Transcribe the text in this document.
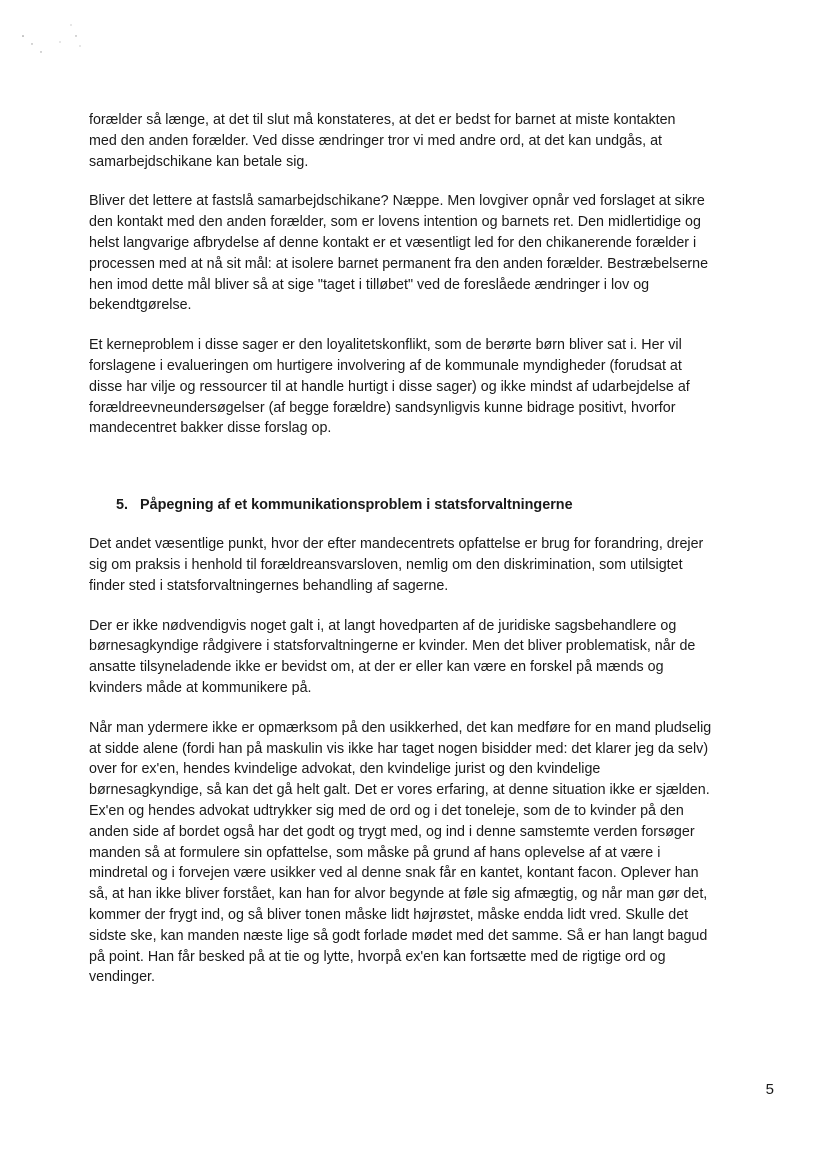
forælder så længe, at det til slut må konstateres, at det er bedst for barnet at miste kontakten
med den anden forælder. Ved disse ændringer tror vi med andre ord, at det kan undgås, at
samarbejdschikane kan betale sig.

Bliver det lettere at fastslå samarbejdschikane? Næppe. Men lovgiver opnår ved forslaget at sikre
den kontakt med den anden forælder, som er lovens intention og barnets ret. Den midlertidige og
helst langvarige afbrydelse af denne kontakt er et væsentligt led for den chikanerende forælder i
processen med at nå sit mål: at isolere barnet permanent fra den anden forælder. Bestræbelserne
hen imod dette mål bliver så at sige "taget i tilløbet" ved de foreslåede ændringer i lov og
bekendtgørelse.

Et kerneproblem i disse sager er den loyalitetskonflikt, som de berørte børn bliver sat i. Her vil
forslagene i evalueringen om hurtigere involvering af de kommunale myndigheder (forudsat at
disse har vilje og ressourcer til at handle hurtigt i disse sager) og ikke mindst af udarbejdelse af
forældreevneundersøgelser (af begge forældre) sandsynligvis kunne bidrage positivt, hvorfor
mandecentret bakker disse forslag op.

5. Påpegning af et kommunikationsproblem i statsforvaltningerne

Det andet væsentlige punkt, hvor der efter mandecentrets opfattelse er brug for forandring, drejer
sig om praksis i henhold til forældreansvarsloven, nemlig om den diskrimination, som utilsigtet
finder sted i statsforvaltningernes behandling af sagerne.

Der er ikke nødvendigvis noget galt i, at langt hovedparten af de juridiske sagsbehandlere og
børnesagkyndige rådgivere i statsforvaltningerne er kvinder. Men det bliver problematisk, når de
ansatte tilsyneladende ikke er bevidst om, at der er eller kan være en forskel på mænds og
kvinders måde at kommunikere på.

Når man ydermere ikke er opmærksom på den usikkerhed, det kan medføre for en mand pludselig
at sidde alene (fordi han på maskulin vis ikke har taget nogen bisidder med: det klarer jeg da selv)
over for ex'en, hendes kvindelige advokat, den kvindelige jurist og den kvindelige
børnesagkyndige, så kan det gå helt galt. Det er vores erfaring, at denne situation ikke er sjælden.
Ex'en og hendes advokat udtrykker sig med de ord og i det toneleje, som de to kvinder på den
anden side af bordet også har det godt og trygt med, og ind i denne samstemte verden forsøger
manden så at formulere sin opfattelse, som måske på grund af hans oplevelse af at være i
mindretal og i forvejen være usikker ved al denne snak får en kantet, kontant facon. Oplever han
så, at han ikke bliver forstået, kan han for alvor begynde at føle sig afmægtig, og når man gør det,
kommer der frygt ind, og så bliver tonen måske lidt højrøstet, måske endda lidt vred. Skulle det
sidste ske, kan manden næste lige så godt forlade mødet med det samme. Så er han langt bagud
på point. Han får besked på at tie og lytte, hvorpå ex'en kan fortsætte med de rigtige ord og
vendinger.

5
